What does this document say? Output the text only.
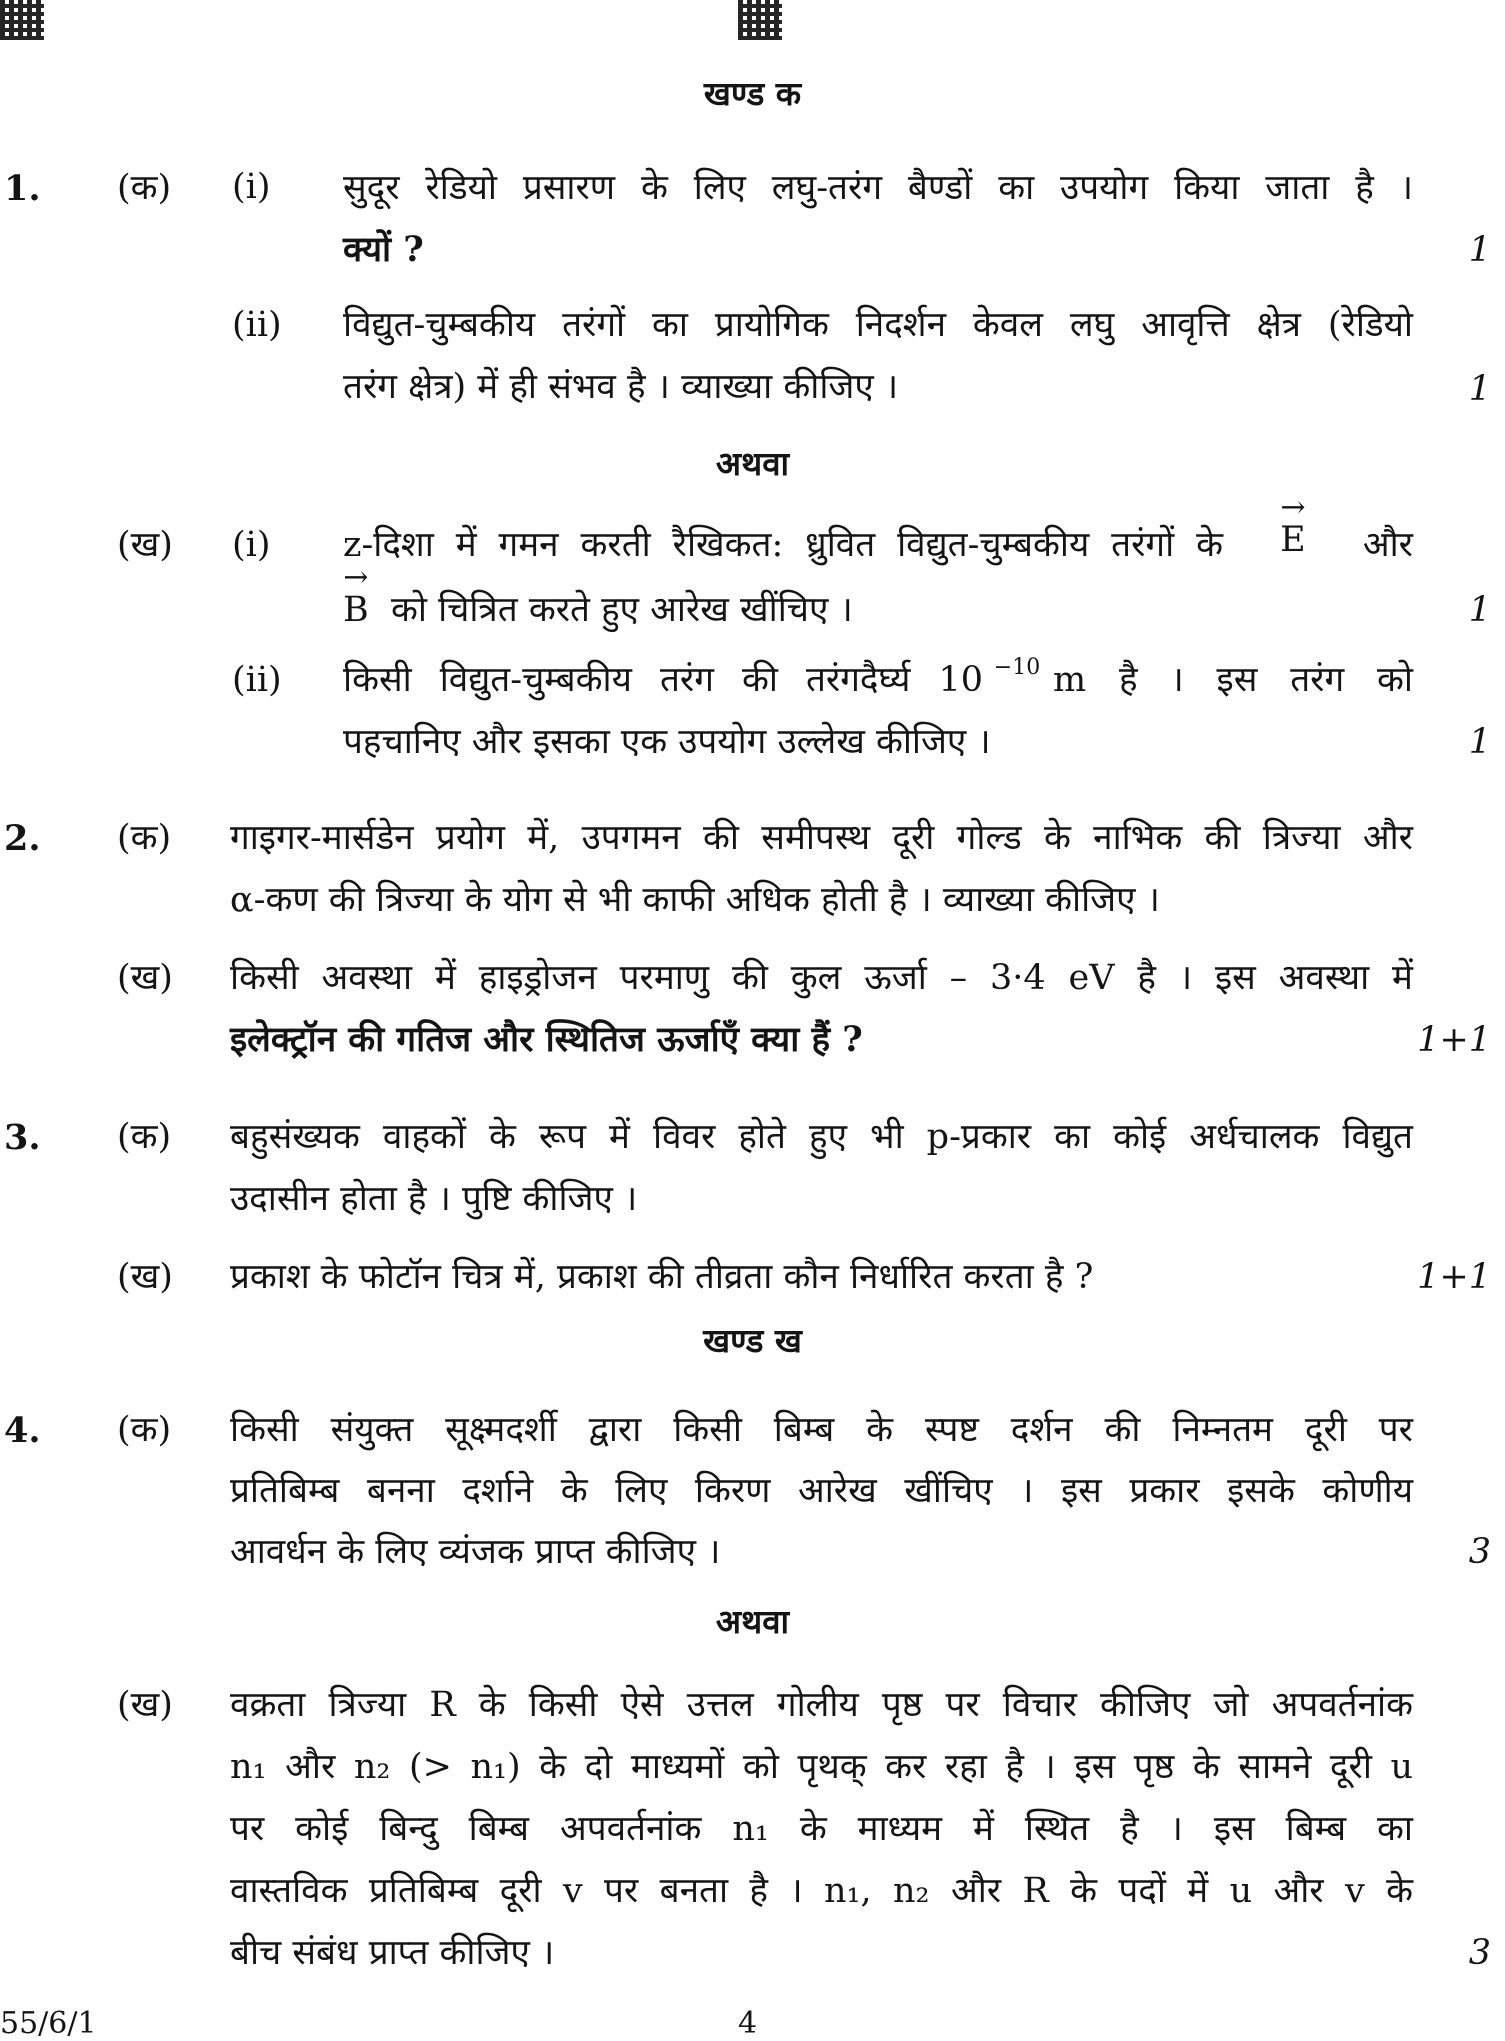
खण्ड क
1. (क) (i) सुदूर रेडियो प्रसारण के लिए लघु-तरंग बैण्डों का उपयोग किया जाता है ।
क्यों ?	1
(ii) विद्युत-चुम्बकीय तरंगों का प्रायोगिक निदर्शन केवल लघु आवृत्ति क्षेत्र (रेडियो
तरंग क्षेत्र) में ही संभव है । व्याख्या कीजिए ।	1
अथवा
(ख) (i) z-दिशा में गमन करती रैखिकत: ध्रुवित विद्युत-चुम्बकीय तरंगों के → E और
→ B को चित्रित करते हुए आरेख खींचिए ।	1
(ii) किसी विद्युत-चुम्बकीय तरंग की तरंगदैर्घ्य 10 −10 m है । इस तरंग को
पहचानिए और इसका एक उपयोग उल्लेख कीजिए ।	1
2. (क) गाइगर-मार्सडेन प्रयोग में, उपगमन की समीपस्थ दूरी गोल्ड के नाभिक की त्रिज्या और
α-कण की त्रिज्या के योग से भी काफी अधिक होती है । व्याख्या कीजिए ।
(ख) किसी अवस्था में हाइड्रोजन परमाणु की कुल ऊर्जा – 3·4 eV है । इस अवस्था में
इलेक्ट्रॉन की गतिज और स्थितिज ऊर्जाएँ क्या हैं ?	1+1
3. (क) बहुसंख्यक वाहकों के रूप में विवर होते हुए भी p-प्रकार का कोई अर्धचालक विद्युत
उदासीन होता है । पुष्टि कीजिए ।
(ख) प्रकाश के फोटॉन चित्र में, प्रकाश की तीव्रता कौन निर्धारित करता है ?	1+1
खण्ड ख
4. (क) किसी संयुक्त सूक्ष्मदर्शी द्वारा किसी बिम्ब के स्पष्ट दर्शन की निम्नतम दूरी पर
प्रतिबिम्ब बनना दर्शाने के लिए किरण आरेख खींचिए । इस प्रकार इसके कोणीय
आवर्धन के लिए व्यंजक प्राप्त कीजिए ।	3
अथवा
(ख) वक्रता त्रिज्या R के किसी ऐसे उत्तल गोलीय पृष्ठ पर विचार कीजिए जो अपवर्तनांक
n₁ और n₂ (> n₁) के दो माध्यमों को पृथक् कर रहा है । इस पृष्ठ के सामने दूरी u
पर कोई बिन्दु बिम्ब अपवर्तनांक n₁ के माध्यम में स्थित है । इस बिम्ब का
वास्तविक प्रतिबिम्ब दूरी v पर बनता है । n₁, n₂ और R के पदों में u और v के
बीच संबंध प्राप्त कीजिए ।	3
55/6/1	4
